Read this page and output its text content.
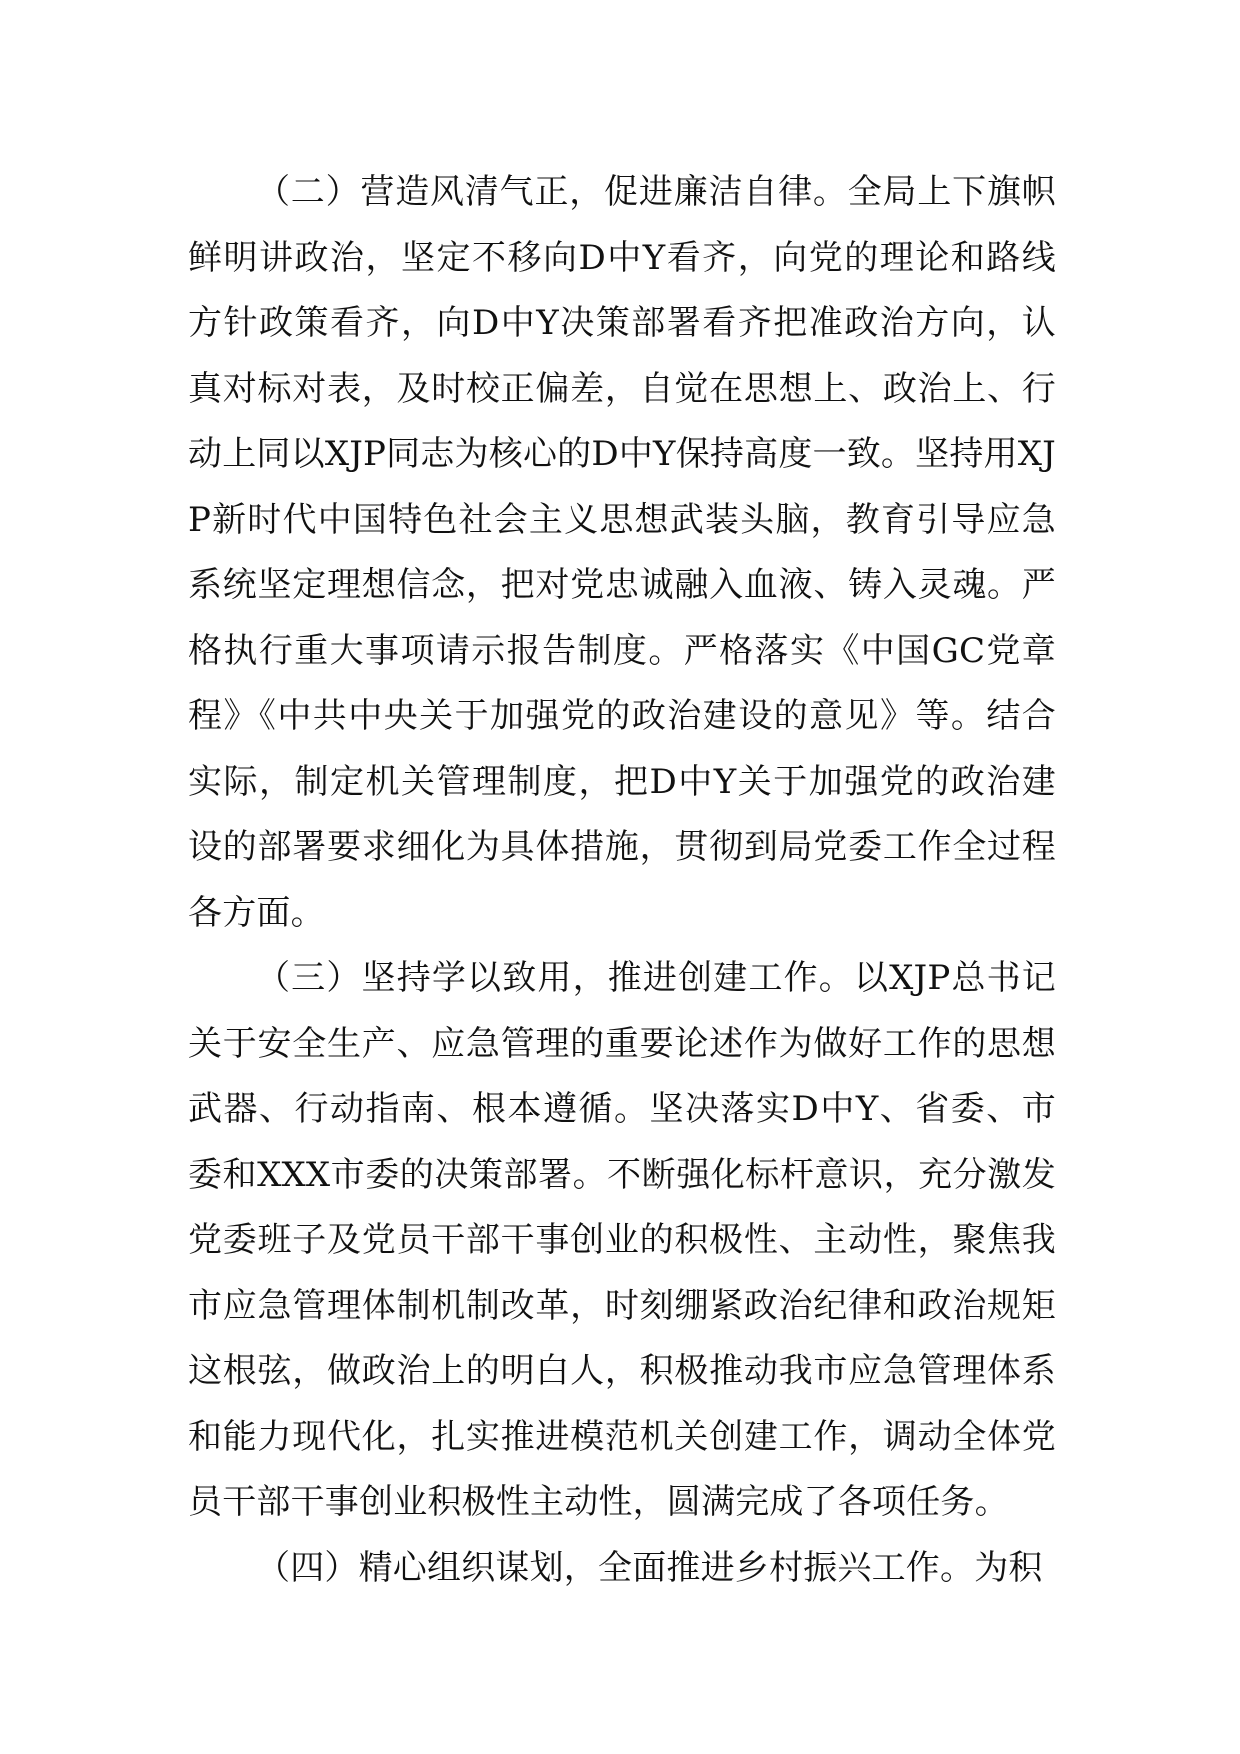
（二）营造风清气正，促进廉洁自律。全局上下旗帜鲜明讲政治，坚定不移向D中Y看齐，向党的理论和路线方针政策看齐，向D中Y决策部署看齐把准政治方向，认真对标对表，及时校正偏差，自觉在思想上、政治上、行动上同以XJP同志为核心的D中Y保持高度一致。坚持用XJP新时代中国特色社会主义思想武装头脑，教育引导应急系统坚定理想信念，把对党忠诚融入血液、铸入灵魂。严格执行重大事项请示报告制度。严格落实《中国GC党章程》《中共中央关于加强党的政治建设的意见》等。结合实际，制定机关管理制度，把D中Y关于加强党的政治建设的部署要求细化为具体措施，贯彻到局党委工作全过程各方面。

（三）坚持学以致用，推进创建工作。以XJP总书记关于安全生产、应急管理的重要论述作为做好工作的思想武器、行动指南、根本遵循。坚决落实D中Y、省委、市委和XXX市委的决策部署。不断强化标杆意识，充分激发党委班子及党员干部干事创业的积极性、主动性，聚焦我市应急管理体制机制改革，时刻绷紧政治纪律和政治规矩这根弦，做政治上的明白人，积极推动我市应急管理体系和能力现代化，扎实推进模范机关创建工作，调动全体党员干部干事创业积极性主动性，圆满完成了各项任务。

（四）精心组织谋划，全面推进乡村振兴工作。为积
